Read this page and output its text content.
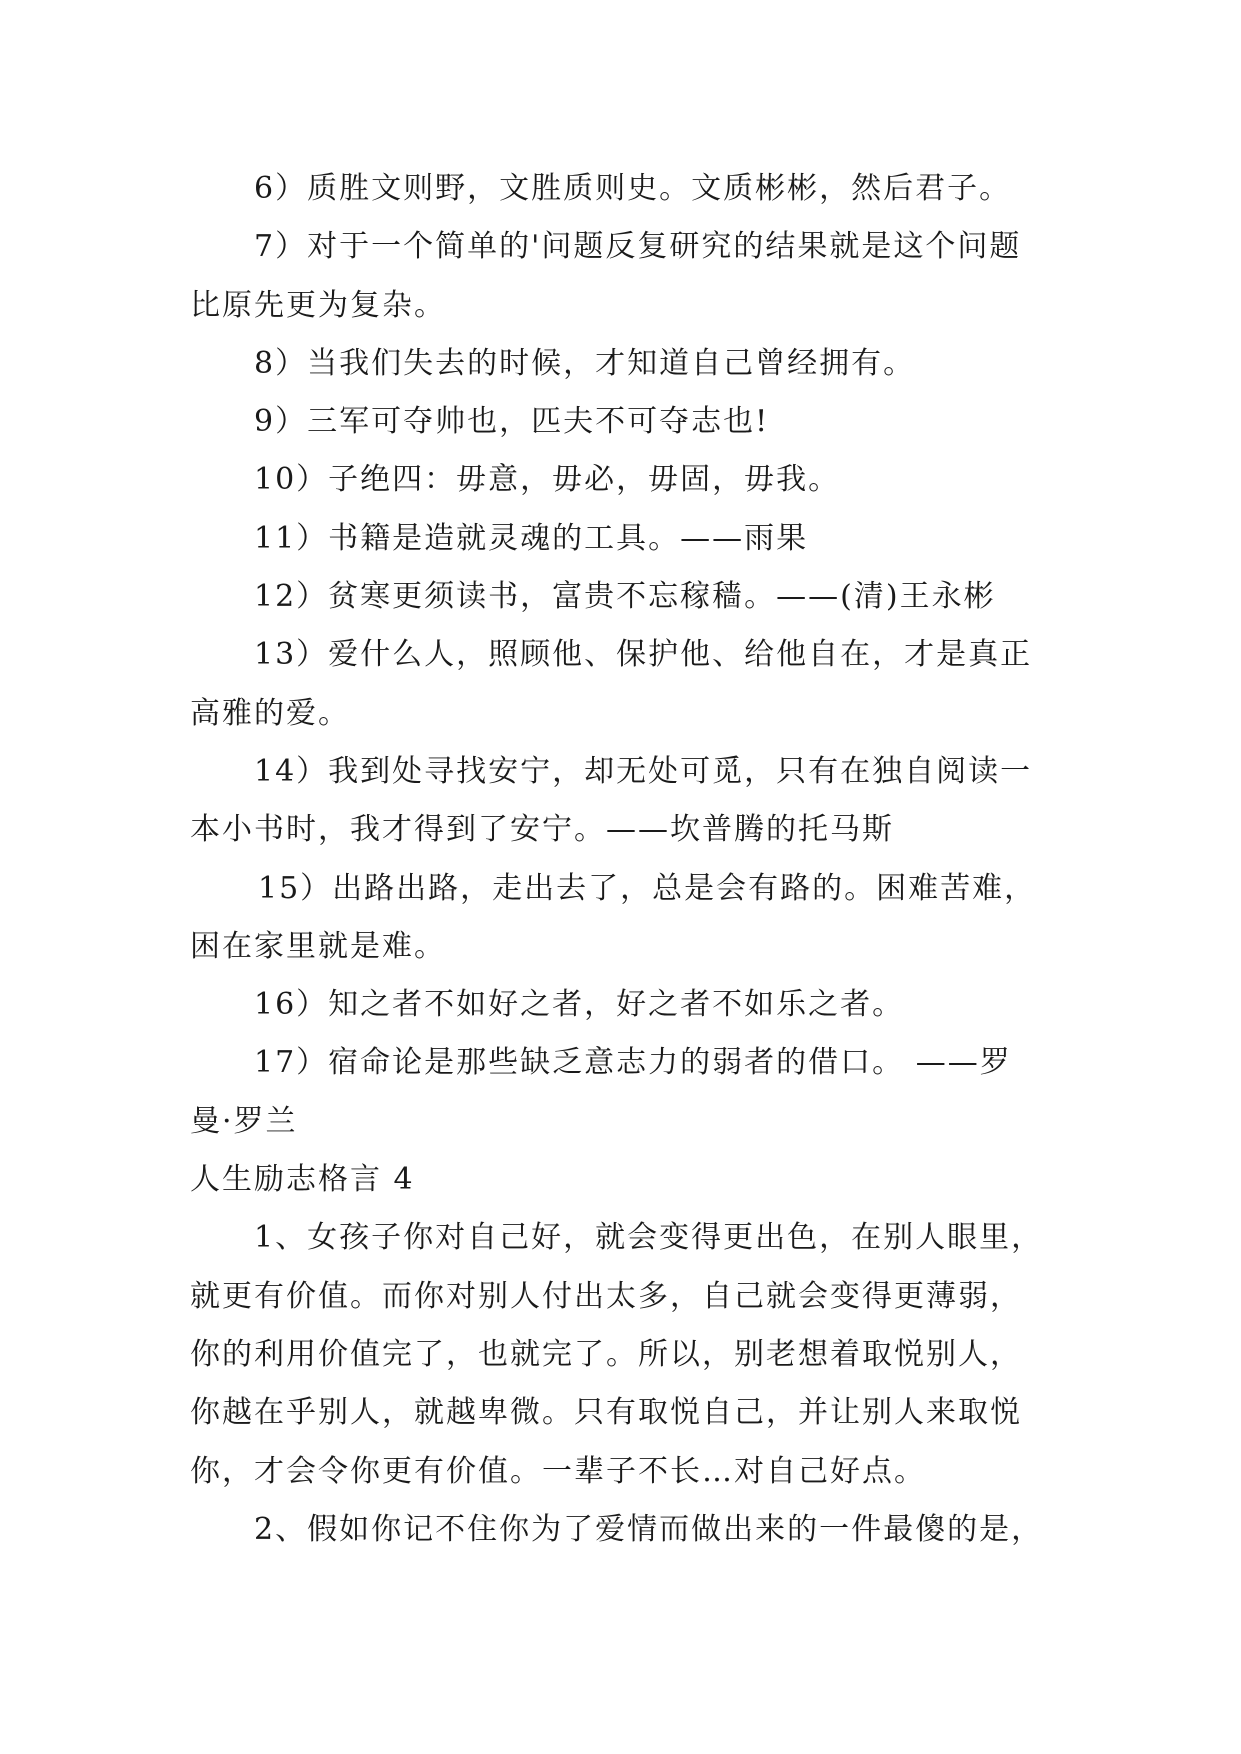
6）质胜文则野，文胜质则史。文质彬彬，然后君子。
7）对于一个简单的'问题反复研究的结果就是这个问题
比原先更为复杂。
8）当我们失去的时候，才知道自己曾经拥有。
9）三军可夺帅也，匹夫不可夺志也!
10）子绝四：毋意，毋必，毋固，毋我。
11）书籍是造就灵魂的工具。——雨果
12）贫寒更须读书，富贵不忘稼穑。——(清)王永彬
13）爱什么人，照顾他、保护他、给他自在，才是真正
高雅的爱。
14）我到处寻找安宁，却无处可觅，只有在独自阅读一
本小书时，我才得到了安宁。——坎普腾的托马斯
15）出路出路，走出去了，总是会有路的。困难苦难，
困在家里就是难。
16）知之者不如好之者，好之者不如乐之者。
17）宿命论是那些缺乏意志力的弱者的借口。 ——罗
曼·罗兰
人生励志格言 4
1、女孩子你对自己好，就会变得更出色，在别人眼里，
就更有价值。而你对别人付出太多，自己就会变得更薄弱，
你的利用价值完了，也就完了。所以，别老想着取悦别人，
你越在乎别人，就越卑微。只有取悦自己，并让别人来取悦
你，才会令你更有价值。一辈子不长…对自己好点。
2、假如你记不住你为了爱情而做出来的一件最傻的是，
